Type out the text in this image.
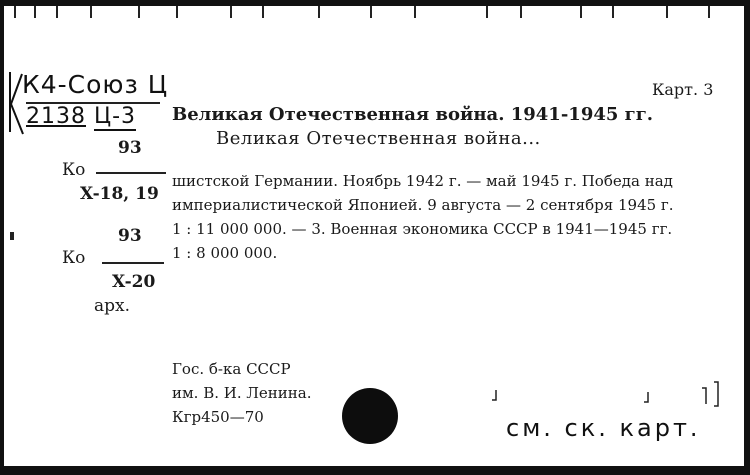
К4-Союз Ц
2138 Ц-3
93
Ко
X-18, 19
93
Ко
X-20
арх.
Карт. 3
Великая Отечественная война. 1941-1945 гг.
Великая Отечественная война...
шистской Германии. Ноябрь 1942 г. — май 1945 г. Победа над
империалистической Японией. 9 августа — 2 сентября 1945 г.
1 : 11 000 000. — 3. Военная экономика СССР в 1941—1945 гг.
1 : 8 000 000.
Гос. б-ка СССР
им. В. И. Ленина.
Кгр450—70	см. ск. карт.
